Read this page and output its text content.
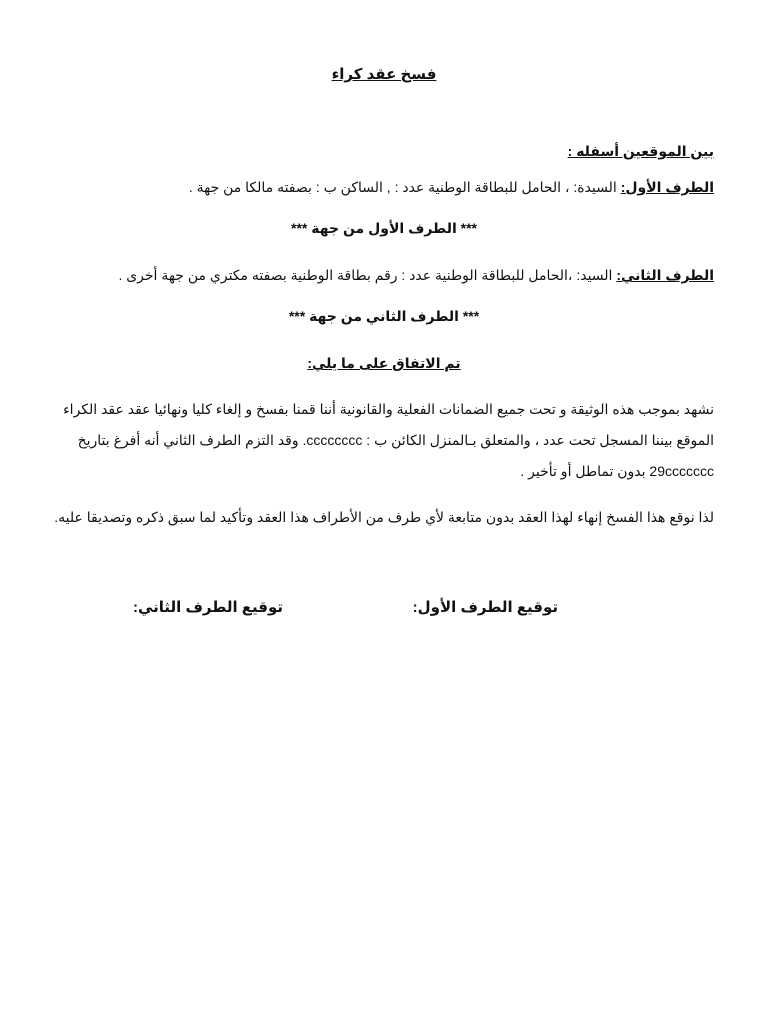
فسخ عقد كراء
بين الموقعين أسفله :
الطرف الأول: السيدة: ، الحامل للبطاقة الوطنية عدد : , الساكن ب : بصفته مالكا من جهة .
*** الطرف الأول من جهة ***
الطرف الثاني: السيد: ،الحامل للبطاقة الوطنية عدد : رقم بطاقة الوطنية بصفته مكتري من جهة أخرى .
*** الطرف الثاني من جهة ***
تم الاتفاق على ما يلي:
نشهد بموجب هذه الوثيقة و تحت جميع الضمانات الفعلية والقانونية أننا قمنا بفسخ و إلغاء كليا ونهائيا عقد عقد الكراء
الموقع بيننا المسجل تحت عدد ، والمتعلق بـالمنزل الكائن ب : cccccccc. وقد التزم الطرف الثاني أنه أفرغ بتاريخ
29ccccccc بدون تماطل أو تأخير .
لذا نوقع هذا الفسخ إنهاء لهذا العقد بدون متابعة لأي طرف من الأطراف هذا العقد وتأكيد لما سبق ذكره وتصديقا عليه.
توقيع الطرف الأول:
توقيع الطرف الثاني:
